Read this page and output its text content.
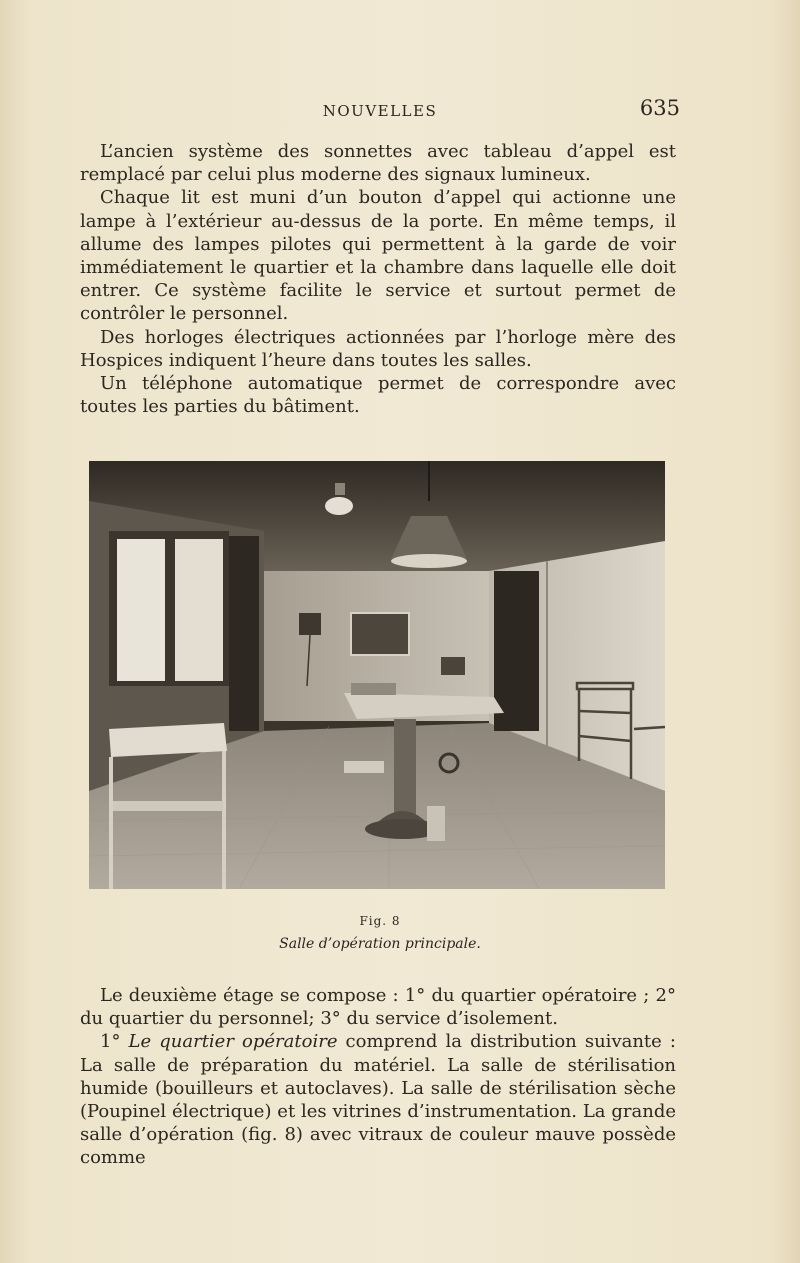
NOUVELLES	635

L’ancien système des sonnettes avec tableau d’appel est remplacé par celui plus moderne des signaux lumineux.

Chaque lit est muni d’un bouton d’appel qui actionne une lampe à l’extérieur au-dessus de la porte. En même temps, il allume des lampes pilotes qui permettent à la garde de voir immédiatement le quartier et la chambre dans laquelle elle doit entrer. Ce système facilite le service et surtout permet de contrôler le personnel.

Des horloges électriques actionnées par l’horloge mère des Hospices indiquent l’heure dans toutes les salles.

Un téléphone automatique permet de correspondre avec toutes les parties du bâtiment.

Fig. 8
Salle d’opération principale.

Le deuxième étage se compose : 1° du quartier opératoire ; 2° du quartier du personnel; 3° du service d’isolement.

1° Le quartier opératoire comprend la distribution suivante : La salle de préparation du matériel. La salle de stérilisation humide (bouilleurs et autoclaves). La salle de stérilisation sèche (Poupinel électrique) et les vitrines d’instrumentation. La grande salle d’opération (fig. 8) avec vitraux de couleur mauve possède comme
